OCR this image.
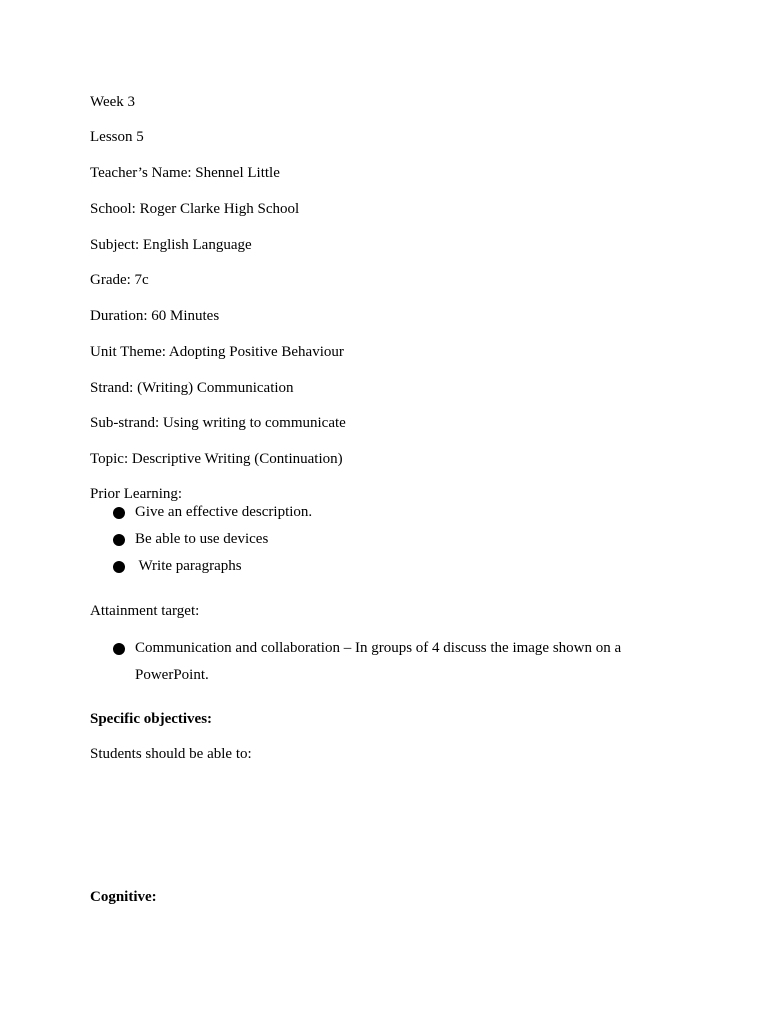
Week 3
Lesson 5
Teacher’s Name: Shennel Little
School: Roger Clarke High School
Subject: English Language
Grade: 7c
Duration: 60 Minutes
Unit Theme: Adopting Positive Behaviour
Strand: (Writing) Communication
Sub-strand: Using writing to communicate
Topic: Descriptive Writing (Continuation)
Prior Learning:
Give an effective description.
Be able to use devices
Write paragraphs
Attainment target:
Communication and collaboration – In groups of 4 discuss the image shown on a
PowerPoint.
Specific objectives:
Students should be able to:
Cognitive:
